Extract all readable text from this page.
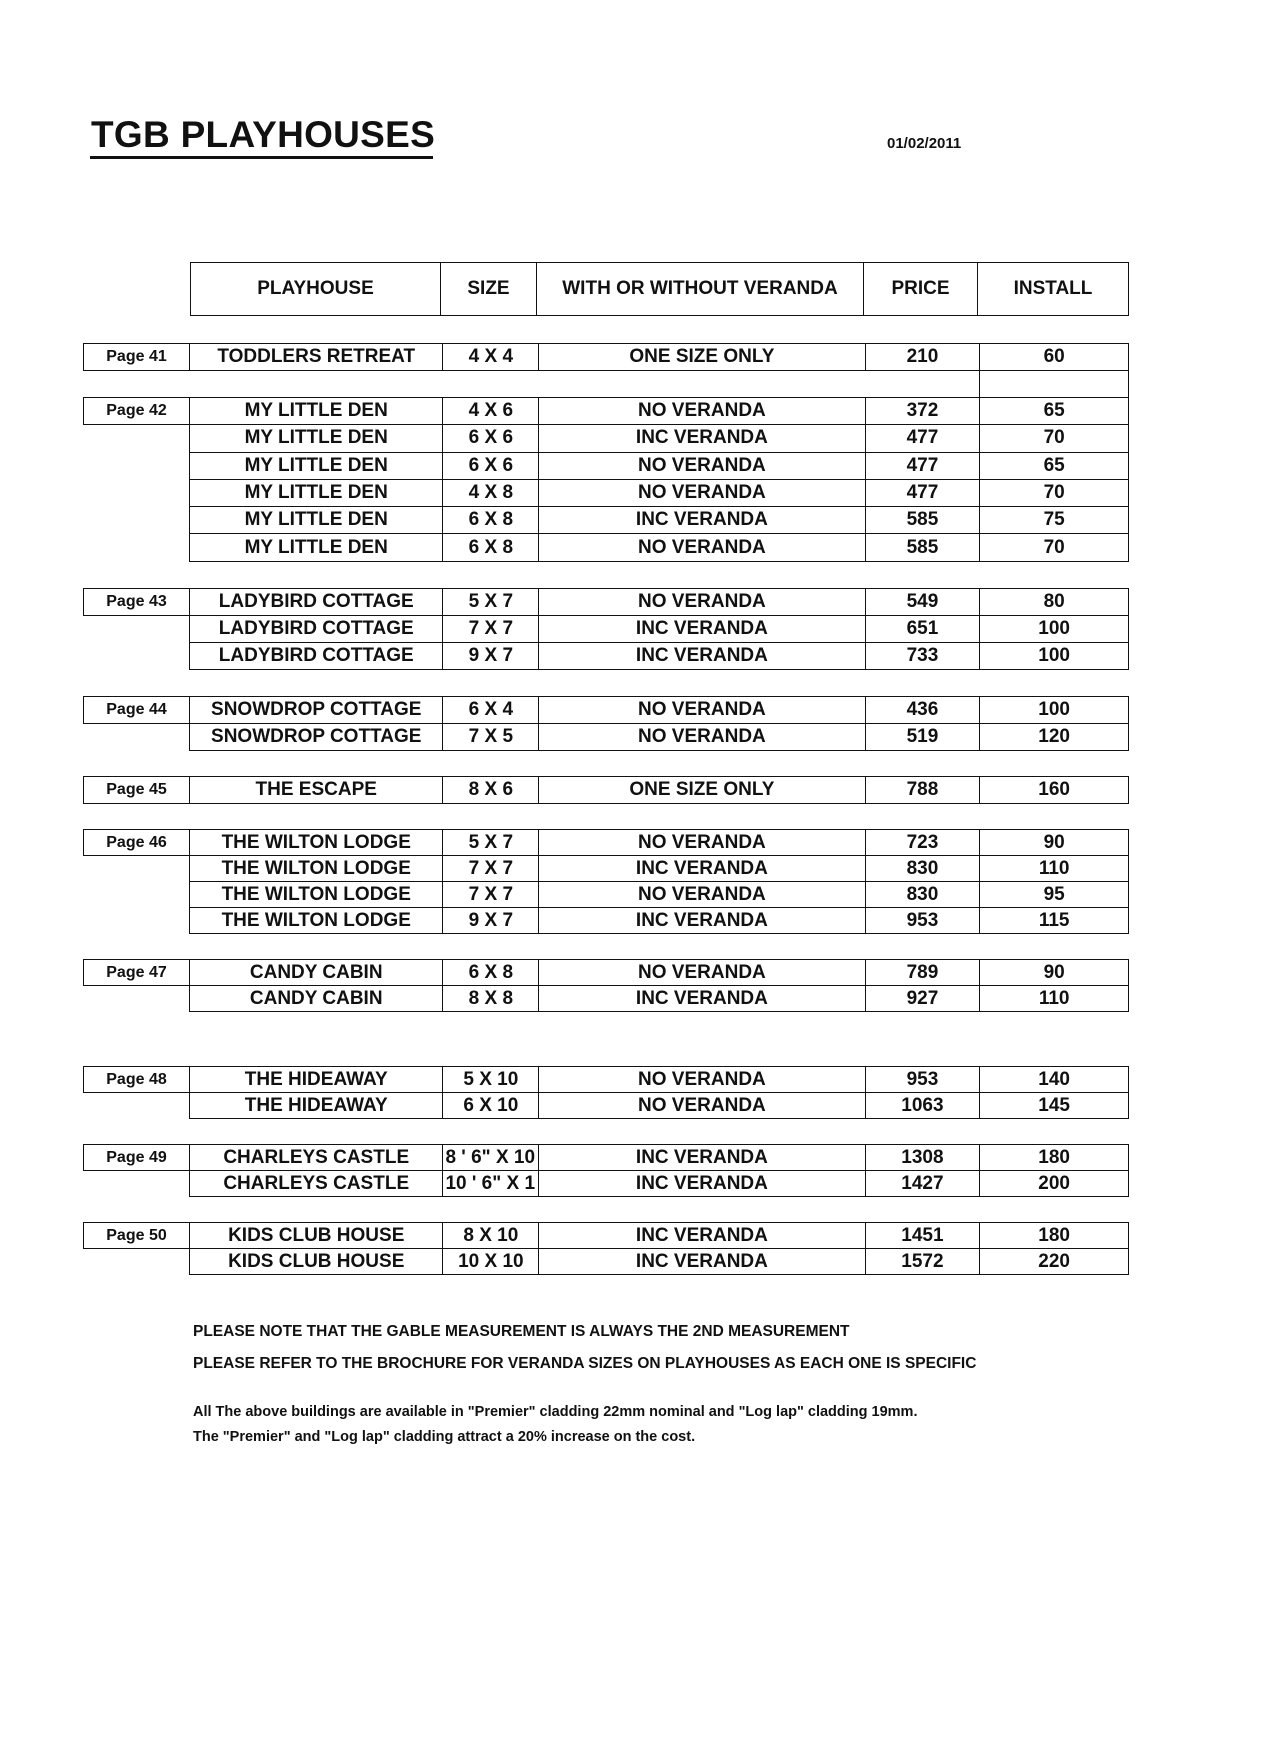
TGB PLAYHOUSES	01/02/2011
PLAYHOUSE	SIZE	WITH OR WITHOUT VERANDA	PRICE	INSTALL
Page 41	TODDLERS RETREAT	4 X 4	ONE SIZE ONLY	210	60
Page 42	MY LITTLE DEN	4 X 6	NO VERANDA	372	65
MY LITTLE DEN	6 X 6	INC VERANDA	477	70
MY LITTLE DEN	6 X 6	NO VERANDA	477	65
MY LITTLE DEN	4 X 8	NO VERANDA	477	70
MY LITTLE DEN	6 X 8	INC VERANDA	585	75
MY LITTLE DEN	6 X 8	NO VERANDA	585	70
Page 43	LADYBIRD COTTAGE	5 X 7	NO VERANDA	549	80
LADYBIRD COTTAGE	7 X 7	INC VERANDA	651	100
LADYBIRD COTTAGE	9 X 7	INC VERANDA	733	100
Page 44	SNOWDROP COTTAGE	6 X 4	NO VERANDA	436	100
SNOWDROP COTTAGE	7 X 5	NO VERANDA	519	120
Page 45	THE ESCAPE	8 X 6	ONE SIZE ONLY	788	160
Page 46	THE WILTON LODGE	5 X 7	NO VERANDA	723	90
THE WILTON LODGE	7 X 7	INC VERANDA	830	110
THE WILTON LODGE	7 X 7	NO VERANDA	830	95
THE WILTON LODGE	9 X 7	INC VERANDA	953	115
Page 47	CANDY CABIN	6 X 8	NO VERANDA	789	90
CANDY CABIN	8 X 8	INC VERANDA	927	110
Page 48	THE HIDEAWAY	5 X 10	NO VERANDA	953	140
THE HIDEAWAY	6 X 10	NO VERANDA	1063	145
Page 49	CHARLEYS CASTLE	8 ' 6" X 10	INC VERANDA	1308	180
CHARLEYS CASTLE	10 ' 6" X 1	INC VERANDA	1427	200
Page 50	KIDS CLUB HOUSE	8 X 10	INC VERANDA	1451	180
KIDS CLUB HOUSE	10 X 10	INC VERANDA	1572	220

PLEASE NOTE THAT THE GABLE MEASUREMENT IS ALWAYS THE 2ND MEASUREMENT

PLEASE REFER TO THE BROCHURE FOR VERANDA SIZES ON PLAYHOUSES AS EACH ONE IS SPECIFIC

All The above buildings are available in "Premier" cladding 22mm nominal and "Log lap" cladding 19mm.

The "Premier" and "Log lap" cladding attract a 20% increase on the cost.
